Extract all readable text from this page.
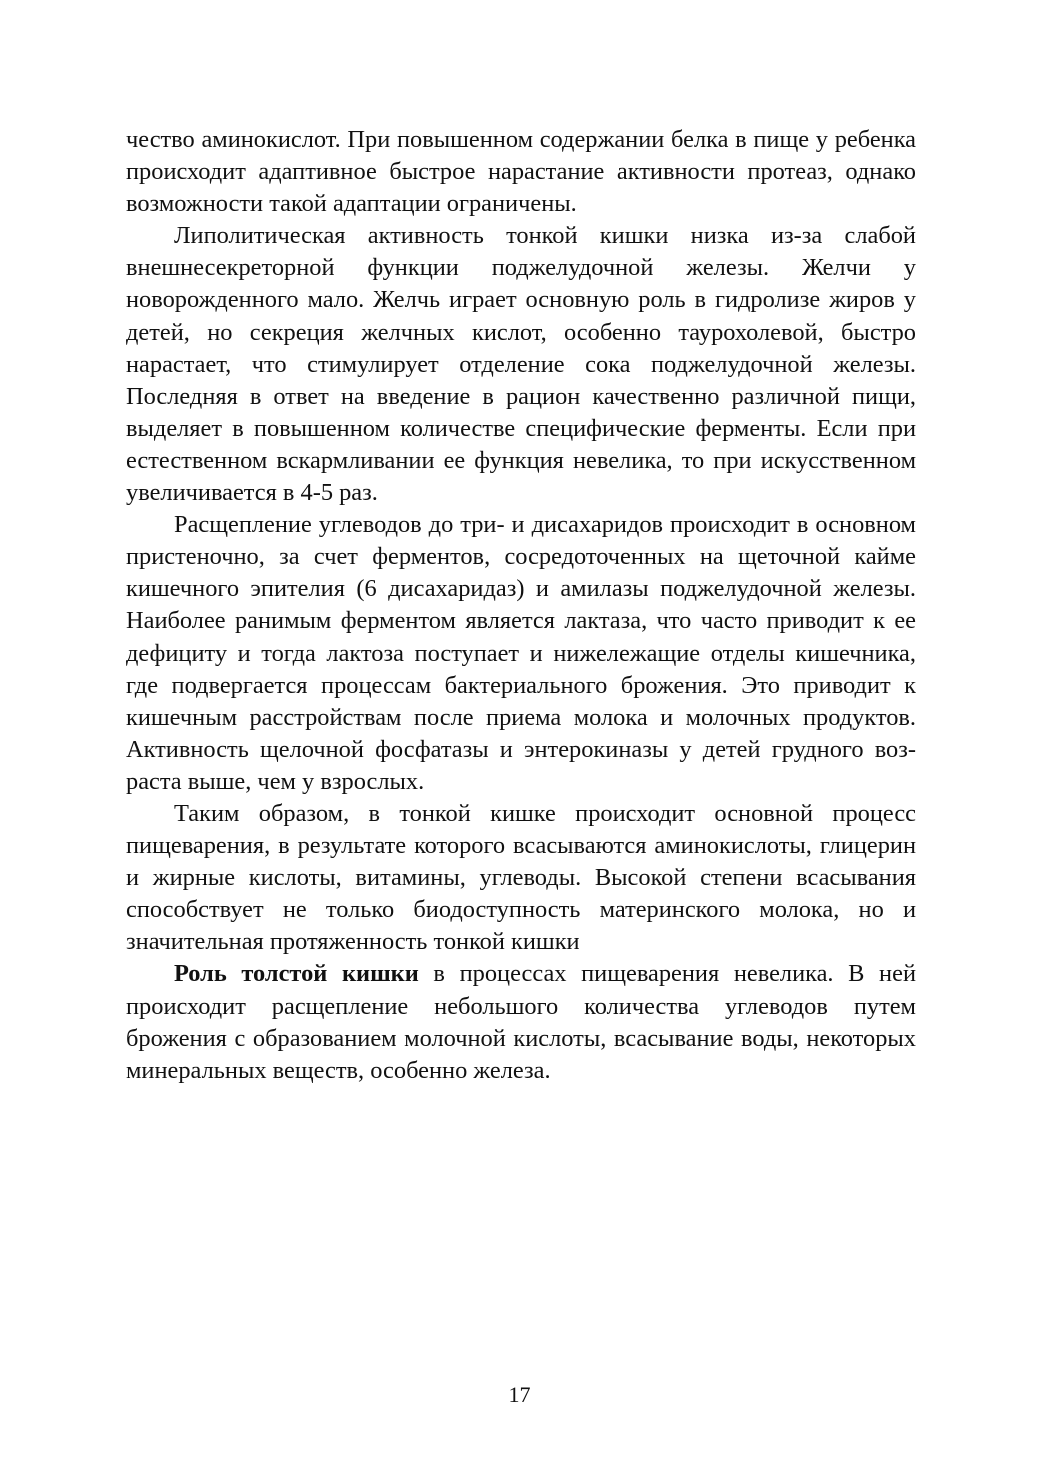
чество аминокислот. При повышенном содержании белка в пище у ребенка происходит адаптивное быстрое нарастание активности протеаз, однако возможности такой адаптации ограничены.

Липолитическая активность тонкой кишки низка из-за слабой внешнесекреторной функции поджелудочной железы. Желчи у новорожденного мало. Желчь играет основную роль в гидролизе жиров у детей, но секреция желчных кислот, особенно таурохолевой, быстро нарастает, что стимулирует отделение сока поджелудочной железы. Последняя в ответ на введение в рацион качественно различной пищи, выделяет в повышенном количестве специфические ферменты. Если при естественном вскармливании ее функция невелика, то при искусственном увеличивается в 4-5 раз.

Расщепление углеводов до три- и дисахаридов происходит в основном пристеночно, за счет ферментов, сосредоточенных на щеточной кайме кишечного эпителия (6 дисахаридаз) и амилазы поджелудочной железы. Наиболее ранимым ферментом является лактаза, что часто приводит к ее дефициту и тогда лактоза поступает и нижележащие отделы кишечника, где подвергается процессам бактериального брожения. Это приводит к кишечным расстройствам после приема молока и молочных продуктов. Активность щелочной фосфатазы и энтерокиназы у детей грудного возраста выше, чем у взрослых.

Таким образом, в тонкой кишке происходит основной процесс пищеварения, в результате которого всасываются аминокислоты, глицерин и жирные кислоты, витамины, углеводы. Высокой степени всасывания способствует не только биодоступность материнского молока, но и значительная протяженность тонкой кишки

Роль толстой кишки в процессах пищеварения невелика. В ней происходит расщепление небольшого количества углеводов путем брожения с образованием молочной кислоты, всасывание воды, некоторых минеральных веществ, особенно железа.

17
